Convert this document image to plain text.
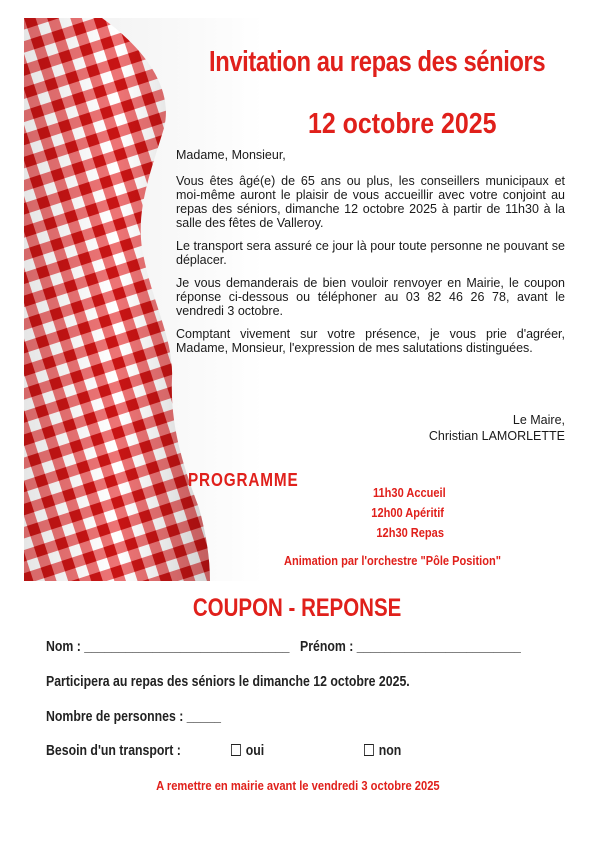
Invitation au repas des séniors
12 octobre 2025

Madame, Monsieur,

Vous êtes âgé(e) de 65 ans ou plus, les conseillers municipaux et moi-même auront le plaisir de vous accueillir avec votre conjoint au repas des séniors, dimanche 12 octobre 2025 à partir de 11h30 à la salle des fêtes de Valleroy.

Le transport sera assuré ce jour là pour toute personne ne pouvant se déplacer.

Je vous demanderais de bien vouloir renvoyer en Mairie, le coupon réponse ci-dessous ou téléphoner au 03 82 46 26 78, avant le vendredi 3 octobre.

Comptant vivement sur votre présence, je vous prie d'agréer, Madame, Monsieur, l'expression de mes salutations distinguées.

Le Maire,
Christian LAMORLETTE
PROGRAMME
11h30 Accueil
12h00 Apéritif
12h30 Repas
Animation par l'orchestre "Pôle Position"
COUPON - REPONSE
Nom : ______________________________ Prénom : ________________________
Participera au repas des séniors le dimanche 12 octobre 2025.
Nombre de personnes : _____
Besoin d'un transport :	oui	non
A remettre en mairie avant le vendredi 3 octobre 2025
